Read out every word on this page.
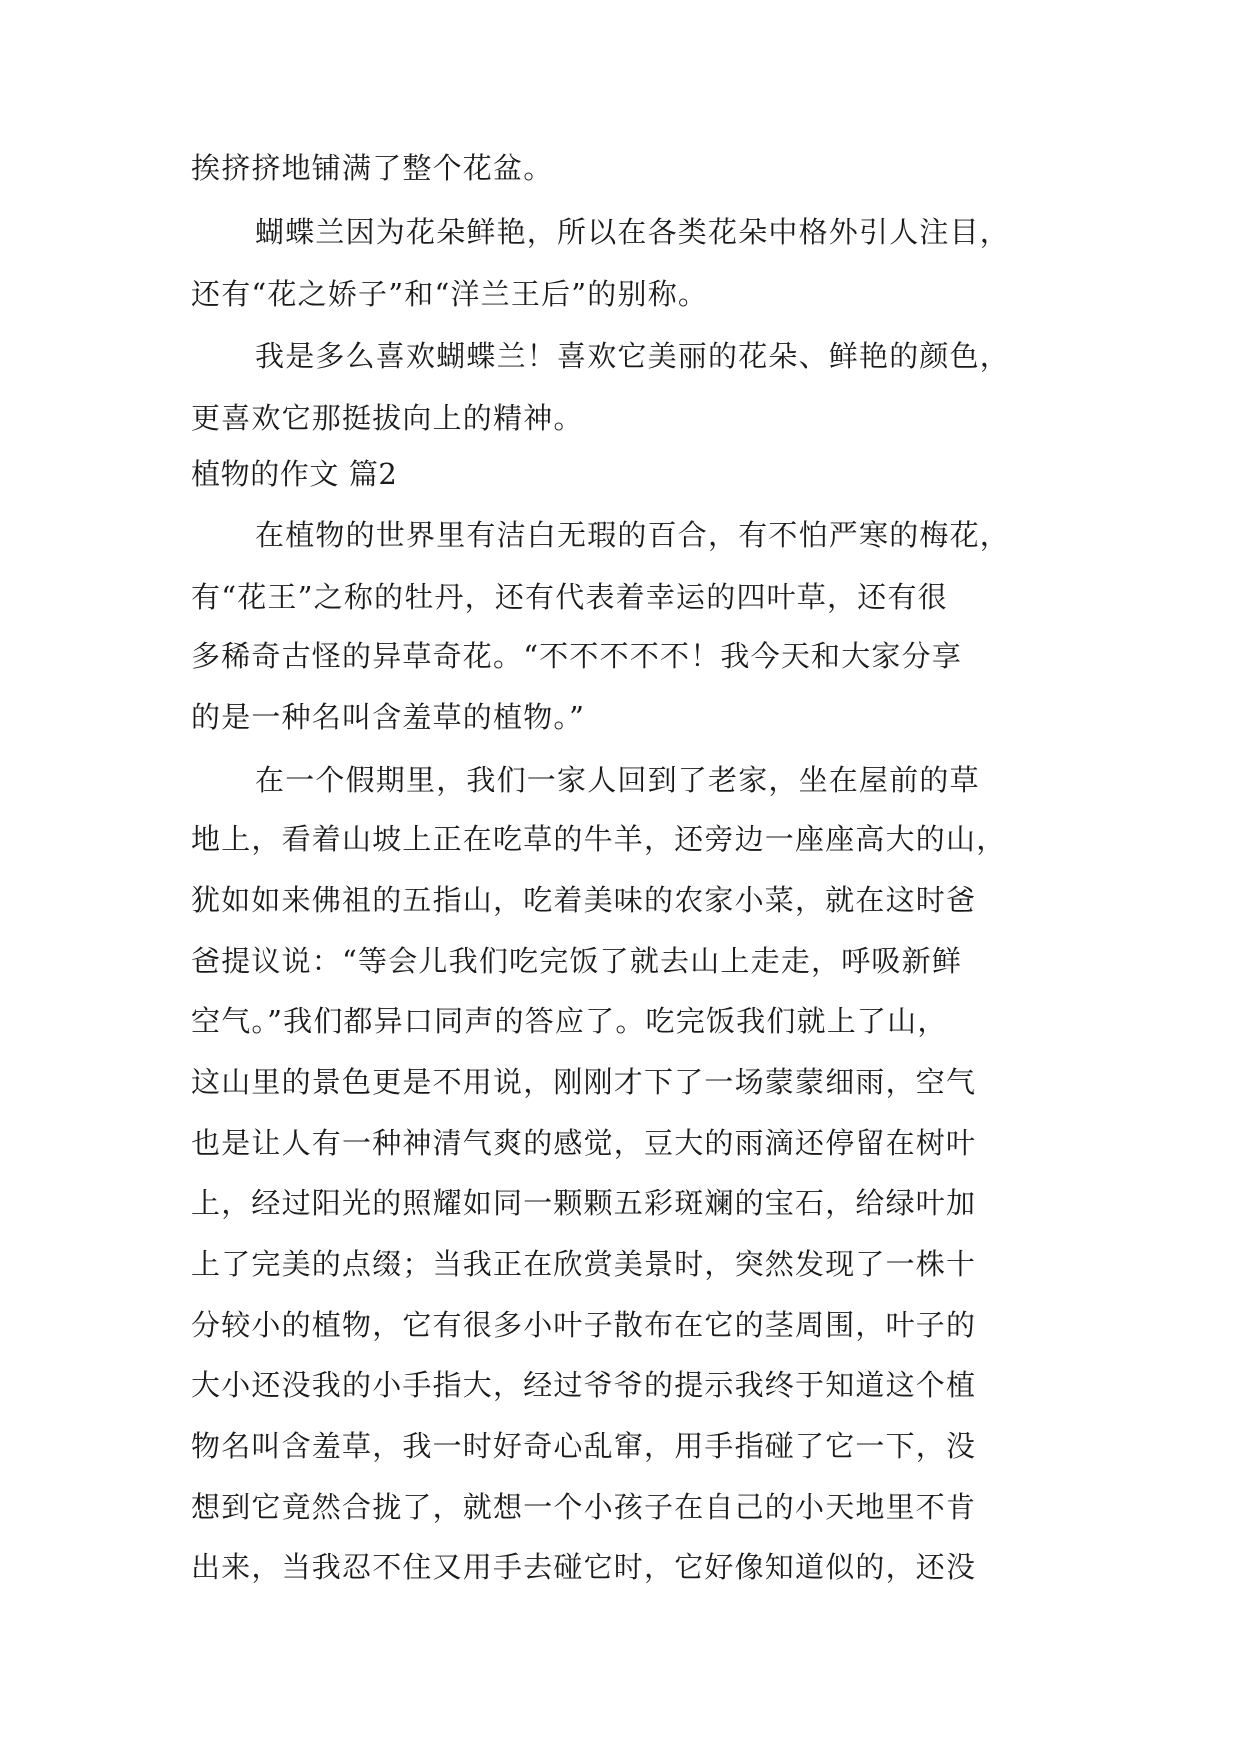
挨挤挤地铺满了整个花盆。
蝴蝶兰因为花朵鲜艳，所以在各类花朵中格外引人注目，
还有“花之娇子”和“洋兰王后”的别称。
我是多么喜欢蝴蝶兰！喜欢它美丽的花朵、鲜艳的颜色，
更喜欢它那挺拔向上的精神。
植物的作文 篇2
在植物的世界里有洁白无瑕的百合，有不怕严寒的梅花，
有“花王”之称的牡丹，还有代表着幸运的四叶草，还有很
多稀奇古怪的异草奇花。“不不不不不！我今天和大家分享
的是一种名叫含羞草的植物。”
在一个假期里，我们一家人回到了老家，坐在屋前的草
地上，看着山坡上正在吃草的牛羊，还旁边一座座高大的山，
犹如如来佛祖的五指山，吃着美味的农家小菜，就在这时爸
爸提议说：“等会儿我们吃完饭了就去山上走走，呼吸新鲜
空气。”我们都异口同声的答应了。吃完饭我们就上了山，
这山里的景色更是不用说，刚刚才下了一场蒙蒙细雨，空气
也是让人有一种神清气爽的感觉，豆大的雨滴还停留在树叶
上，经过阳光的照耀如同一颗颗五彩斑斓的宝石，给绿叶加
上了完美的点缀；当我正在欣赏美景时，突然发现了一株十
分较小的植物，它有很多小叶子散布在它的茎周围，叶子的
大小还没我的小手指大，经过爷爷的提示我终于知道这个植
物名叫含羞草，我一时好奇心乱窜，用手指碰了它一下，没
想到它竟然合拢了，就想一个小孩子在自己的小天地里不肯
出来，当我忍不住又用手去碰它时，它好像知道似的，还没
